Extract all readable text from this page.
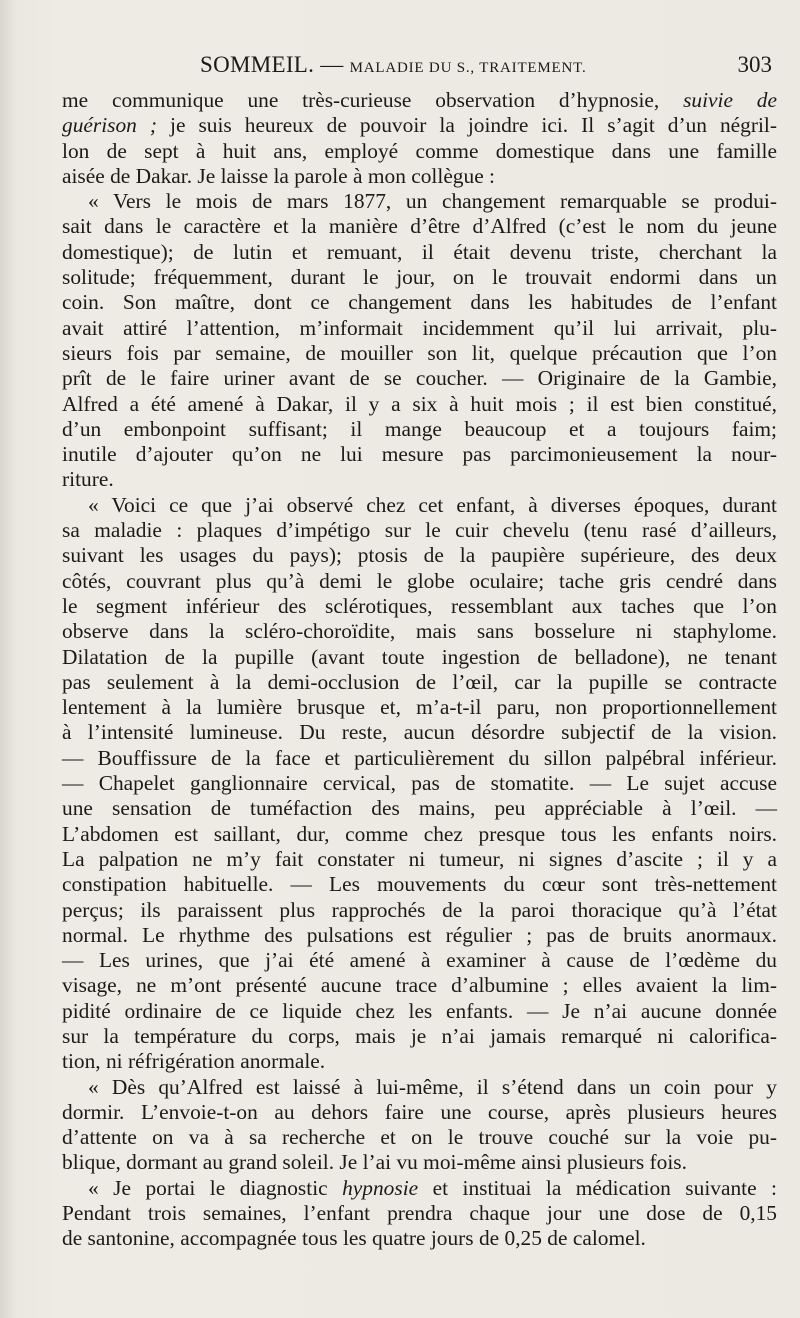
SOMMEIL. — MALADIE DU S., TRAITEMENT.	303

me communique une très-curieuse observation d’hypnosie, suivie de
guérison ; je suis heureux de pouvoir la joindre ici. Il s’agit d’un négril-
lon de sept à huit ans, employé comme domestique dans une famille
aisée de Dakar. Je laisse la parole à mon collègue :

« Vers le mois de mars 1877, un changement remarquable se produi-
sait dans le caractère et la manière d’être d’Alfred (c’est le nom du jeune
domestique); de lutin et remuant, il était devenu triste, cherchant la
solitude; fréquemment, durant le jour, on le trouvait endormi dans un
coin. Son maître, dont ce changement dans les habitudes de l’enfant
avait attiré l’attention, m’informait incidemment qu’il lui arrivait, plu-
sieurs fois par semaine, de mouiller son lit, quelque précaution que l’on
prît de le faire uriner avant de se coucher. — Originaire de la Gambie,
Alfred a été amené à Dakar, il y a six à huit mois ; il est bien constitué,
d’un embonpoint suffisant; il mange beaucoup et a toujours faim;
inutile d’ajouter qu’on ne lui mesure pas parcimonieusement la nour-
riture.

« Voici ce que j’ai observé chez cet enfant, à diverses époques, durant
sa maladie : plaques d’impétigo sur le cuir chevelu (tenu rasé d’ailleurs,
suivant les usages du pays); ptosis de la paupière supérieure, des deux
côtés, couvrant plus qu’à demi le globe oculaire; tache gris cendré dans
le segment inférieur des sclérotiques, ressemblant aux taches que l’on
observe dans la scléro-choroïdite, mais sans bosselure ni staphylome.
Dilatation de la pupille (avant toute ingestion de belladone), ne tenant
pas seulement à la demi-occlusion de l’œil, car la pupille se contracte
lentement à la lumière brusque et, m’a-t-il paru, non proportionnellement
à l’intensité lumineuse. Du reste, aucun désordre subjectif de la vision.
— Bouffissure de la face et particulièrement du sillon palpébral inférieur.
— Chapelet ganglionnaire cervical, pas de stomatite. — Le sujet accuse
une sensation de tuméfaction des mains, peu appréciable à l’œil. —
L’abdomen est saillant, dur, comme chez presque tous les enfants noirs.
La palpation ne m’y fait constater ni tumeur, ni signes d’ascite ; il y a
constipation habituelle. — Les mouvements du cœur sont très-nettement
perçus; ils paraissent plus rapprochés de la paroi thoracique qu’à l’état
normal. Le rhythme des pulsations est régulier ; pas de bruits anormaux.
— Les urines, que j’ai été amené à examiner à cause de l’œdème du
visage, ne m’ont présenté aucune trace d’albumine ; elles avaient la lim-
pidité ordinaire de ce liquide chez les enfants. — Je n’ai aucune donnée
sur la température du corps, mais je n’ai jamais remarqué ni calorifica-
tion, ni réfrigération anormale.

« Dès qu’Alfred est laissé à lui-même, il s’étend dans un coin pour y
dormir. L’envoie-t-on au dehors faire une course, après plusieurs heures
d’attente on va à sa recherche et on le trouve couché sur la voie pu-
blique, dormant au grand soleil. Je l’ai vu moi-même ainsi plusieurs fois.

« Je portai le diagnostic hypnosie et instituai la médication suivante :
Pendant trois semaines, l’enfant prendra chaque jour une dose de 0,15
de santonine, accompagnée tous les quatre jours de 0,25 de calomel.
